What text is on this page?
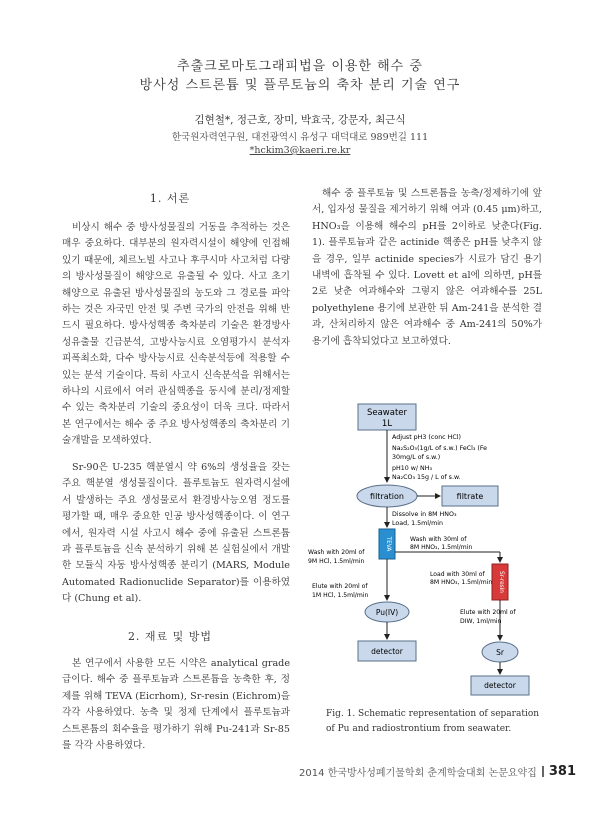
추출크로마토그래피법을 이용한 해수 중
방사성 스트론튬 및 플루토늄의 축차 분리 기술 연구
김현철*, 정근호, 장미, 박효국, 강문자, 최근식
한국원자력연구원, 대전광역시 유성구 대덕대로 989번길 111
*hckim3@kaeri.re.kr
1. 서론

비상시 해수 중 방사성물질의 거동을 추적하는 것은 매우 중요하다. 대부분의 원자력시설이 해양에 인접해 있기 때문에, 체르노빌 사고나 후쿠시마 사고처럼 다량의 방사성물질이 해양으로 유출될 수 있다. 사고 초기 해양으로 유출된 방사성물질의 농도와 그 경로를 파악하는 것은 자국민 안전 및 주변 국가의 안전을 위해 반드시 필요하다. 방사성핵종 축차분리 기술은 환경방사성유출물 긴급분석, 고방사능시료 오염평가시 분석자 피폭최소화, 다수 방사능시료 신속분석등에 적용할 수 있는 분석 기술이다. 특히 사고시 신속분석을 위해서는 하나의 시료에서 여러 관심핵종을 동시에 분리/정제할 수 있는 축차분리 기술의 중요성이 더욱 크다. 따라서 본 연구에서는 해수 중 주요 방사성핵종의 축차분리 기술개발을 모색하였다.

Sr-90은 U-235 핵분열시 약 6%의 생성율을 갖는 주요 핵분열 생성물질이다. 플루토늄도 원자력시설에서 발생하는 주요 생성물로서 환경방사능오염 정도를 평가할 때, 매우 중요한 인공 방사성핵종이다. 이 연구에서, 원자력 시설 사고시 해수 중에 유출된 스트론튬과 플루토늄을 신속 분석하기 위해 본 실험실에서 개발한 모듈식 자동 방사성핵종 분리기 (MARS, Module Automated Radionuclide Separator)를 이용하였다 (Chung et al).

2. 재료 및 방법

본 연구에서 사용한 모든 시약은 analytical grade급이다. 해수 중 플루토늄과 스트론튬을 농축한 후, 정제를 위해 TEVA (Eicrhom), Sr-resin (Eichrom)을 각각 사용하였다. 농축 및 정제 단계에서 플루토늄과 스트론튬의 회수율을 평가하기 위해 Pu-241과 Sr-85를 각각 사용하였다.

해수 중 플루토늄 및 스트론튬을 농축/정제하기에 앞서, 입자성 물질을 제거하기 위해 여과 (0.45 μm)하고, HNO₃을 이용해 해수의 pH를 2이하로 낮춘다(Fig. 1). 플루토늄과 같은 actinide 핵종은 pH를 낮추지 않을 경우, 일부 actinide species가 시료가 담긴 용기 내벽에 흡착될 수 있다. Lovett et al에 의하면, pH를 2로 낮춘 여과해수와 그렇지 않은 여과해수를 25L polyethylene 용기에 보관한 뒤 Am-241을 분석한 결과, 산처리하지 않은 여과해수 중 Am-241의 50%가 용기에 흡착되었다고 보고하였다.

Seawater
1L
Adjust pH3 (conc HCl)
Na₂S₂O₅(1g/L of s.w.) FeCl₃ (Fe
30mg/L of s.w.)
pH10 w/ NH₃
Na₂CO₃ 15g / L of s.w.
filtration	filtrate
Dissolve in 8M HNO₃
Load, 1.5ml/min
TEVA
Wash with 20ml of
9M HCl, 1.5ml/min
Wash with 30ml of
8M HNO₃, 1.5ml/min
Load with 30ml of
8M HNO₃, 1.5ml/min Sr-resin
Elute with 20ml of
1M HCl, 1.5ml/min
Pu(IV)
detector
Elute with 20ml of
DIW, 1ml/min
Sr
detector
Fig. 1. Schematic representation of separation of Pu and radiostrontium from seawater.
2014 한국방사성폐기물학회 춘계학술대회 논문요약집 381
